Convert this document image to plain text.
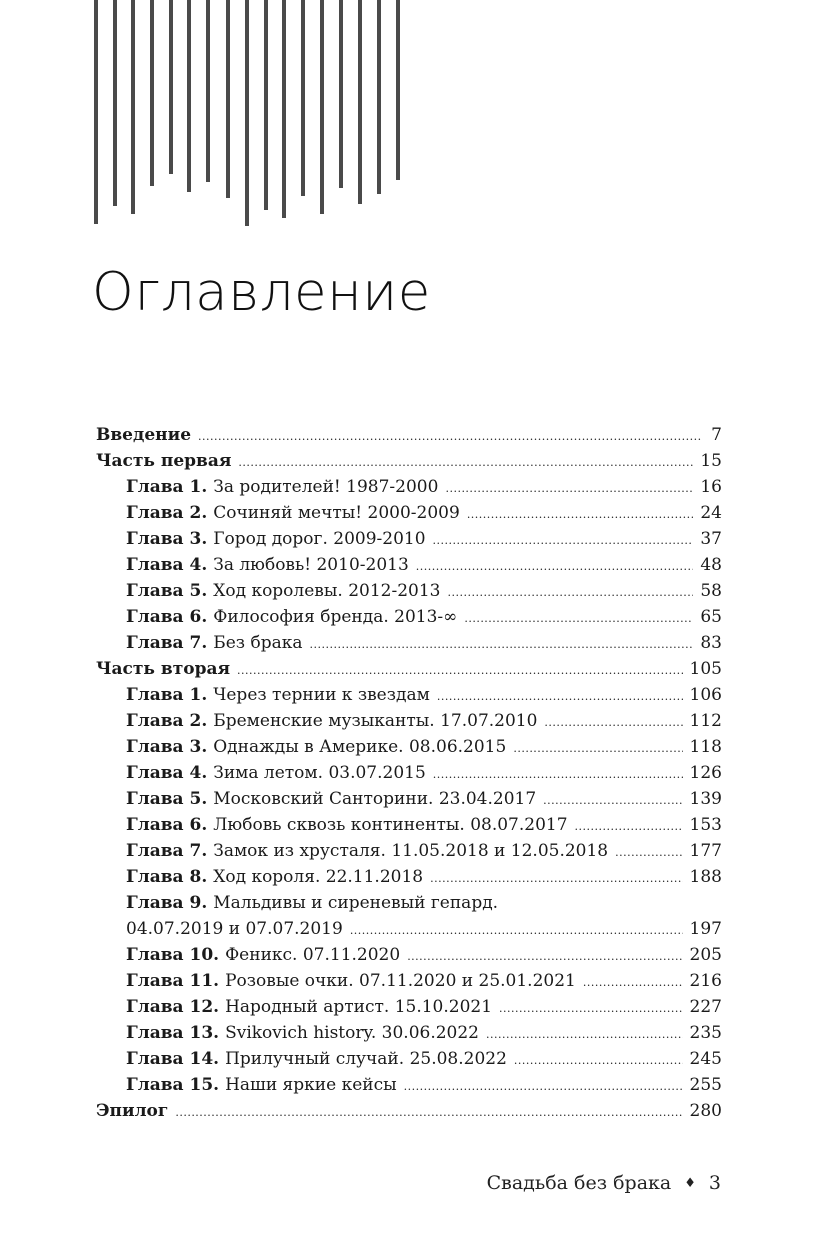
Оглавление
Введение .....	7
Часть первая .....	15
Глава 1. За родителей! 1987-2000 .....	16
Глава 2. Сочиняй мечты! 2000-2009 .....	24
Глава 3. Город дорог. 2009-2010 .....	37
Глава 4. За любовь! 2010-2013 .....	48
Глава 5. Ход королевы. 2012-2013 .....	58
Глава 6. Философия бренда. 2013-∞ .....	65
Глава 7. Без брака .....	83
Часть вторая .....	105
Глава 1. Через тернии к звездам .....	106
Глава 2. Бременские музыканты. 17.07.2010 .....	112
Глава 3. Однажды в Америке. 08.06.2015 .....	118
Глава 4. Зима летом. 03.07.2015 .....	126
Глава 5. Московский Санторини. 23.04.2017 .....	139
Глава 6. Любовь сквозь континенты. 08.07.2017 .....	153
Глава 7. Замок из хрусталя. 11.05.2018 и 12.05.2018 .....	177
Глава 8. Ход короля. 22.11.2018 .....	188
Глава 9. Мальдивы и сиреневый гепард.
04.07.2019 и 07.07.2019 .....	197
Глава 10. Феникс. 07.11.2020 .....	205
Глава 11. Розовые очки. 07.11.2020 и 25.01.2021 .....	216
Глава 12. Народный артист. 15.10.2021 .....	227
Глава 13. Svikovich history. 30.06.2022 .....	235
Глава 14. Прилучный случай. 25.08.2022 .....	245
Глава 15. Наши яркие кейсы .....	255
Эпилог .....	280
Свадьба без брака ♦ 3
